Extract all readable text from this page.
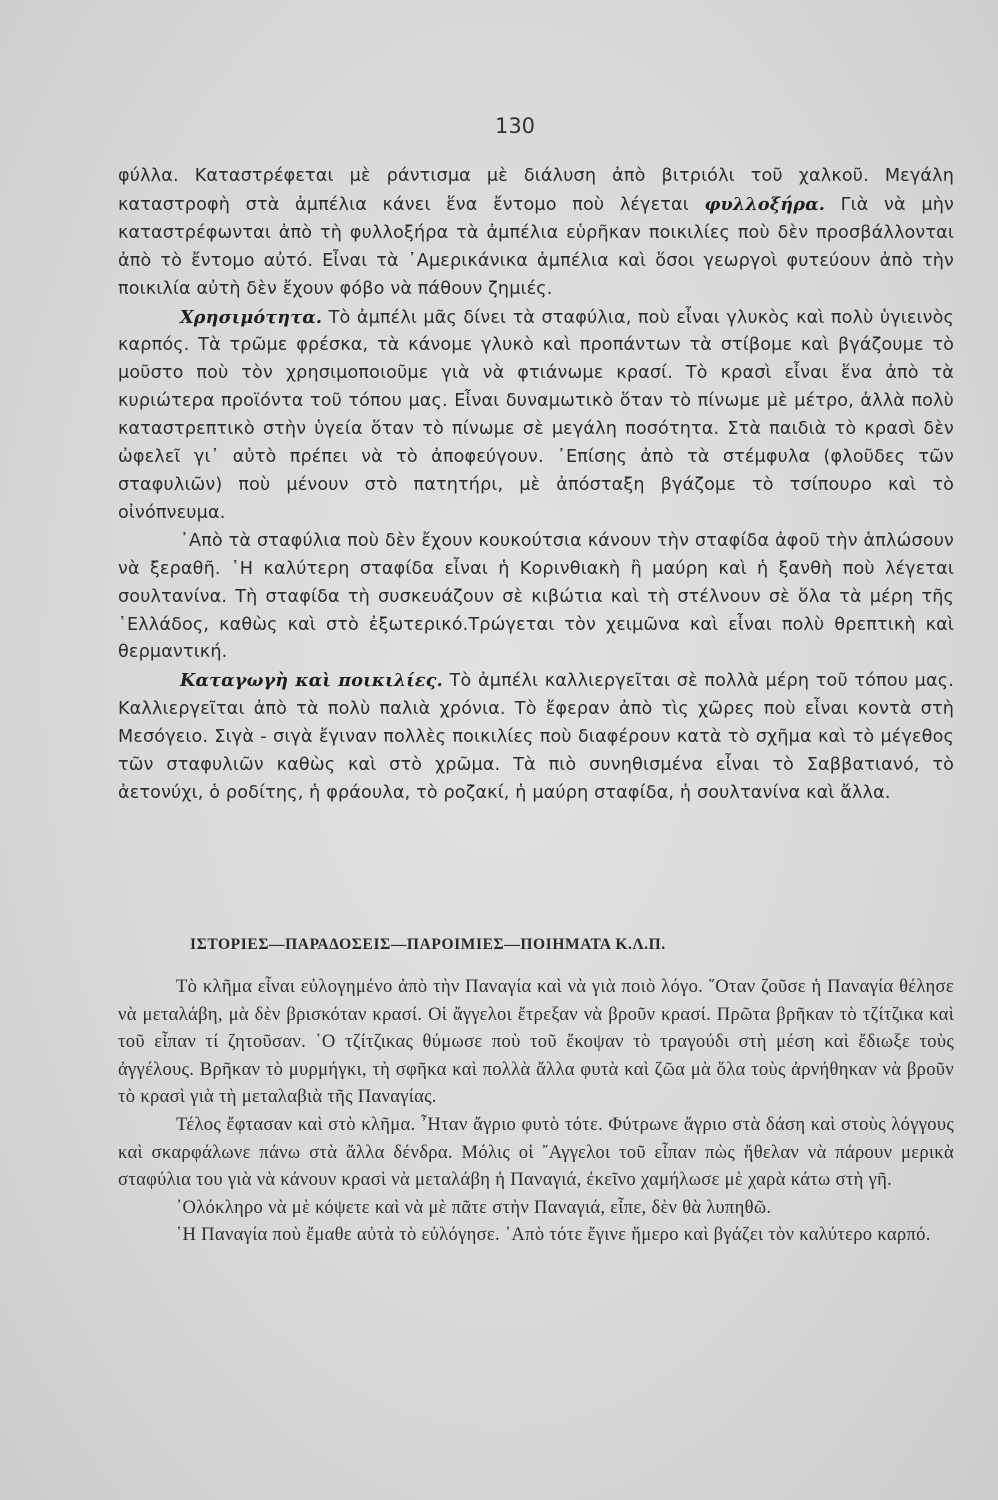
130

φύλλα. Καταστρέφεται μὲ ράντισμα μὲ διάλυση ἀπὸ βιτριόλι τοῦ χαλκοῦ. Μεγάλη καταστροφὴ στὰ ἀμπέλια κάνει ἕνα ἔντομο ποὺ λέγεται φυλλοξήρα. Γιὰ νὰ μὴν καταστρέφωνται ἀπὸ τὴ φυλλοξήρα τὰ ἀμπέλια εὑρῆκαν ποικιλίες ποὺ δὲν προσβάλλονται ἀπὸ τὸ ἔντομο αὐτό. Εἶναι τὰ ᾿Αμερικάνικα ἀμπέλια καὶ ὅσοι γεωργοὶ φυτεύουν ἀπὸ τὴν ποικιλία αὐτὴ δὲν ἔχουν φόβο νὰ πάθουν ζημιές.

Χρησιμότητα. Τὸ ἀμπέλι μᾶς δίνει τὰ σταφύλια, ποὺ εἶναι γλυκὸς καὶ πολὺ ὑγιεινὸς καρπός. Τὰ τρῶμε φρέσκα, τὰ κάνομε γλυκὸ καὶ προπάντων τὰ στίβομε καὶ βγάζουμε τὸ μοῦστο ποὺ τὸν χρησιμοποιοῦμε γιὰ νὰ φτιάνωμε κρασί. Τὸ κρασὶ εἶναι ἕνα ἀπὸ τὰ κυριώτερα προϊόντα τοῦ τόπου μας. Εἶναι δυναμωτικὸ ὅταν τὸ πίνωμε μὲ μέτρο, ἀλλὰ πολὺ καταστρεπτικὸ στὴν ὑγεία ὅταν τὸ πίνωμε σὲ μεγάλη ποσότητα. Στὰ παιδιὰ τὸ κρασὶ δὲν ὠφελεῖ γι᾿ αὐτὸ πρέπει νὰ τὸ ἀποφεύγουν. ᾿Επίσης ἀπὸ τὰ στέμφυλα (φλοῦδες τῶν σταφυλιῶν) ποὺ μένουν στὸ πατητήρι, μὲ ἀπόσταξη βγάζομε τὸ τσίπουρο καὶ τὸ οἰνόπνευμα.

᾿Απὸ τὰ σταφύλια ποὺ δὲν ἔχουν κουκούτσια κάνουν τὴν σταφίδα ἀφοῦ τὴν ἁπλώσουν νὰ ξεραθῆ. ῾Η καλύτερη σταφίδα εἶναι ἡ Κορινθιακὴ ἢ μαύρη καὶ ἡ ξανθὴ ποὺ λέγεται σουλτανίνα. Τὴ σταφίδα τὴ συσκευάζουν σὲ κιβώτια καὶ τὴ στέλνουν σὲ ὅλα τὰ μέρη τῆς ῾Ελλάδος, καθὼς καὶ στὸ ἐξωτερικό.Τρώγεται τὸν χειμῶνα καὶ εἶναι πολὺ θρεπτικὴ καὶ θερμαντική.

Καταγωγὴ καὶ ποικιλίες. Τὸ ἀμπέλι καλλιεργεῖται σὲ πολλὰ μέρη τοῦ τόπου μας. Καλλιεργεῖται ἀπὸ τὰ πολὺ παλιὰ χρόνια. Τὸ ἔφεραν ἀπὸ τὶς χῶρες ποὺ εἶναι κοντὰ στὴ Μεσόγειο. Σιγὰ - σιγὰ ἔγιναν πολλὲς ποικιλίες ποὺ διαφέρουν κατὰ τὸ σχῆμα καὶ τὸ μέγεθος τῶν σταφυλιῶν καθὼς καὶ στὸ χρῶμα. Τὰ πιὸ συνηθισμένα εἶναι τὸ Σαββατιανό, τὸ ἀετονύχι, ὁ ροδίτης, ἡ φράουλα, τὸ ροζακί, ἡ μαύρη σταφίδα, ἡ σουλτανίνα καὶ ἄλλα.

ΙΣΤΟΡΙΕΣ—ΠΑΡΑΔΟΣΕΙΣ—ΠΑΡΟΙΜΙΕΣ—ΠΟΙΗΜΑΤΑ Κ.Λ.Π.

Τὸ κλῆμα εἶναι εὐλογημένο ἀπὸ τὴν Παναγία καὶ νὰ γιὰ ποιὸ λόγο. ῞Οταν ζοῦσε ἡ Παναγία θέλησε νὰ μεταλάβη, μὰ δὲν βρισκόταν κρασί. Οἱ ἄγγελοι ἔτρεξαν νὰ βροῦν κρασί. Πρῶτα βρῆκαν τὸ τζίτζικα καὶ τοῦ εἶπαν τί ζητοῦσαν. ῾Ο τζίτζικας θύμωσε ποὺ τοῦ ἔκοψαν τὸ τραγούδι στὴ μέση καὶ ἔδιωξε τοὺς ἀγγέλους. Βρῆκαν τὸ μυρμήγκι, τὴ σφῆκα καὶ πολλὰ ἄλλα φυτὰ καὶ ζῶα μὰ ὅλα τοὺς ἀρνήθηκαν νὰ βροῦν τὸ κρασὶ γιὰ τὴ μεταλαβιὰ τῆς Παναγίας.

Τέλος ἔφτασαν καὶ στὸ κλῆμα. ῏Ηταν ἄγριο φυτὸ τότε. Φύτρωνε ἄγριο στὰ δάση καὶ στοὺς λόγγους καὶ σκαρφάλωνε πάνω στὰ ἄλλα δένδρα. Μόλις οἱ ῎Αγγελοι τοῦ εἶπαν πὼς ἤθελαν νὰ πάρουν μερικὰ σταφύλια του γιὰ νὰ κάνουν κρασὶ νὰ μεταλάβη ἡ Παναγιά, ἐκεῖνο χαμήλωσε μὲ χαρὰ κάτω στὴ γῆ.

᾿Ολόκληρο νὰ μὲ κόψετε καὶ νὰ μὲ πᾶτε στὴν Παναγιά, εἶπε, δὲν θὰ λυπηθῶ.

῾Η Παναγία ποὺ ἔμαθε αὐτὰ τὸ εὐλόγησε. ᾿Απὸ τότε ἔγινε ἥμερο καὶ βγάζει τὸν καλύτερο καρπό.
